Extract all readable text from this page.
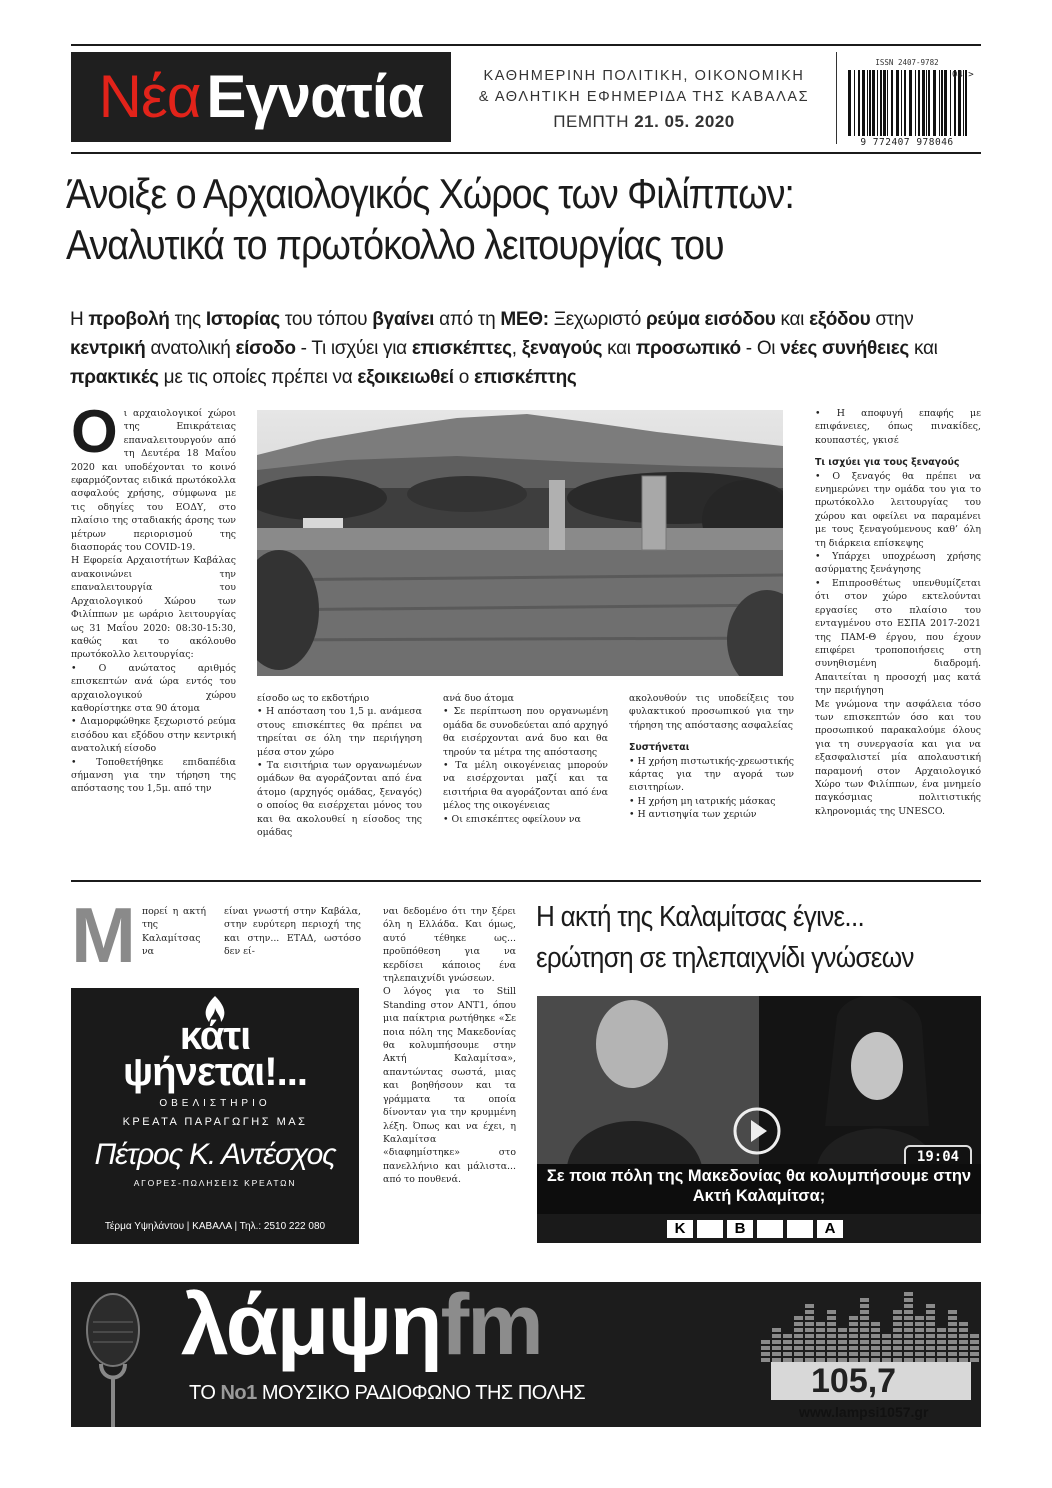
Νέα Εγνατία	ΚΑΘΗΜΕΡΙΝΗ ΠΟΛΙΤΙΚΗ, ΟΙΚΟΝΟΜΙΚΗ
& ΑΘΛΗΤΙΚΗ ΕΦΗΜΕΡΙΔΑ ΤΗΣ ΚΑΒΑΛΑΣ
ΠΕΜΠΤΗ 21. 05. 2020
ISSN 2407-9782
04 >
9 772407 978046
Άνοιξε ο Αρχαιολογικός Χώρος των Φιλίππων:
Αναλυτικά το πρωτόκολλο λειτουργίας του
Η προβολή της Ιστορίας του τόπου βγαίνει από τη ΜΕΘ: Ξεχωριστό ρεύμα εισόδου και εξόδου στην κεντρική ανατολική είσοδο - Τι ισχύει για επισκέπτες, ξεναγούς και προσωπικό - Οι νέες συνήθειες και πρακτικές με τις οποίες πρέπει να εξοικειωθεί ο επισκέπτης

Oι αρχαιολογικοί χώροι της Επικράτειας επαναλειτουργούν από τη Δευτέρα 18 Μαΐου 2020 και υποδέχονται το κοινό εφαρμόζοντας ειδικά πρωτόκολλα ασφαλούς χρήσης, σύμφωνα με τις οδηγίες του ΕΟΔΥ, στο πλαίσιο της σταδιακής άρσης των μέτρων περιορισμού της διασποράς του COVID-19.

Η Εφορεία Αρχαιοτήτων Καβάλας ανακοινώνει την επαναλειτουργία του Αρχαιολογικού Χώρου των Φιλίππων με ωράριο λειτουργίας ως 31 Μαΐου 2020: 08:30-15:30, καθώς και το ακόλουθο πρωτόκολλο λειτουργίας:

• Ο ανώτατος αριθμός επισκεπτών ανά ώρα εντός του αρχαιολογικού χώρου καθορίστηκε στα 90 άτομα

• Διαμορφώθηκε ξεχωριστό ρεύμα εισόδου και εξόδου στην κεντρική ανατολική είσοδο

• Τοποθετήθηκε επιδαπέδια σήμανση για την τήρηση της απόστασης του 1,5μ. από την

είσοδο ως το εκδοτήριο

• Η απόσταση του 1,5 μ. ανάμεσα στους επισκέπτες θα πρέπει να τηρείται σε όλη την περιήγηση μέσα στον χώρο

• Τα εισιτήρια των οργανωμένων ομάδων θα αγοράζονται από ένα άτομο (αρχηγός ομάδας, ξεναγός) ο οποίος θα εισέρχεται μόνος του και θα ακολουθεί η είσοδος της ομάδας

ανά δυο άτομα

• Σε περίπτωση που οργανωμένη ομάδα δε συνοδεύεται από αρχηγό θα εισέρχονται ανά δυο και θα τηρούν τα μέτρα της απόστασης

• Τα μέλη οικογένειας μπορούν να εισέρχονται μαζί και τα εισιτήρια θα αγοράζονται από ένα μέλος της οικογένειας

• Οι επισκέπτες οφείλουν να

ακολουθούν τις υποδείξεις του φυλακτικού προσωπικού για την τήρηση της απόστασης ασφαλείας

Συστήνεται

• Η χρήση πιστωτικής-χρεωστικής κάρτας για την αγορά των εισιτηρίων.

• Η χρήση μη ιατρικής μάσκας

• Η αντισηψία των χεριών

• Η αποφυγή επαφής με επιφάνειες, όπως πινακίδες, κουπαστές, γκισέ

Τι ισχύει για τους ξεναγούς

• Ο ξεναγός θα πρέπει να ενημερώνει την ομάδα του για το πρωτόκολλο λειτουργίας του χώρου και οφείλει να παραμένει με τους ξεναγούμενους καθ’ όλη τη διάρκεια επίσκεψης

• Υπάρχει υποχρέωση χρήσης ασύρματης ξενάγησης

• Επιπροσθέτως υπενθυμίζεται ότι στον χώρο εκτελούνται εργασίες στο πλαίσιο του ενταγμένου στο ΕΣΠΑ 2017-2021 της ΠΑΜ-Θ έργου, που έχουν επιφέρει τροποποιήσεις στη συνηθισμένη διαδρομή. Απαιτείται η προσοχή μας κατά την περιήγηση

Με γνώμονα την ασφάλεια τόσο των επισκεπτών όσο και του προσωπικού παρακαλούμε όλους για τη συνεργασία και για να εξασφαλιστεί μία απολαυστική παραμονή στον Αρχαιολογικό Χώρο των Φιλίππων, ένα μνημείο παγκόσμιας πολιτιστικής κληρονομιάς της UNESCO.

Μπορεί η ακτή της Καλαμίτσας να

είναι γνωστή στην Καβάλα, στην ευρύτερη περιοχή της και στην... ΕΤΑΔ, ωστόσο δεν εί-

ναι δεδομένο ότι την ξέρει όλη η Ελλάδα. Και όμως, αυτό τέθηκε ως... προϋπόθεση για να κερδίσει κάποιος ένα τηλεπαιχνίδι γνώσεων.

Ο λόγος για το Still Standing στον ΑΝΤ1, όπου μια παίκτρια ρωτήθηκε «Σε ποια πόλη της Μακεδονίας θα κολυμπήσουμε στην Ακτή Καλαμίτσα», απαντώντας σωστά, μιας και βοηθήσουν και τα γράμματα τα οποία δίνονταν για την κρυμμένη λέξη. Όπως και να έχει, η Καλαμίτσα «διαφημίστηκε» στο πανελλήνιο και μάλιστα... από το πουθενά.

Η ακτή της Καλαμίτσας έγινε...
ερώτηση σε τηλεπαιχνίδι γνώσεων
κάτι
ψήνεται!...
ΟΒΕΛΙΣΤΗΡΙΟ
ΚΡΕΑΤΑ ΠΑΡΑΓΩΓΗΣ ΜΑΣ
Πέτρος Κ. Αντέσχος
ΑΓΟΡΕΣ-ΠΩΛΗΣΕΙΣ ΚΡΕΑΤΩΝ
Τέρμα Υψηλάντου | ΚΑΒΑΛΑ | Τηλ.: 2510 222 080
19:04
Σε ποια πόλη της Μακεδονίας θα κολυμπήσουμε στην Ακτή Καλαμίτσα;
Κ	Β	Α
λάμψηfm
ΤΟ No1 ΜΟΥΣΙΚΟ ΡΑΔΙΟΦΩΝΟ ΤΗΣ ΠΟΛΗΣ	105,7
www.lampsi1057.gr
